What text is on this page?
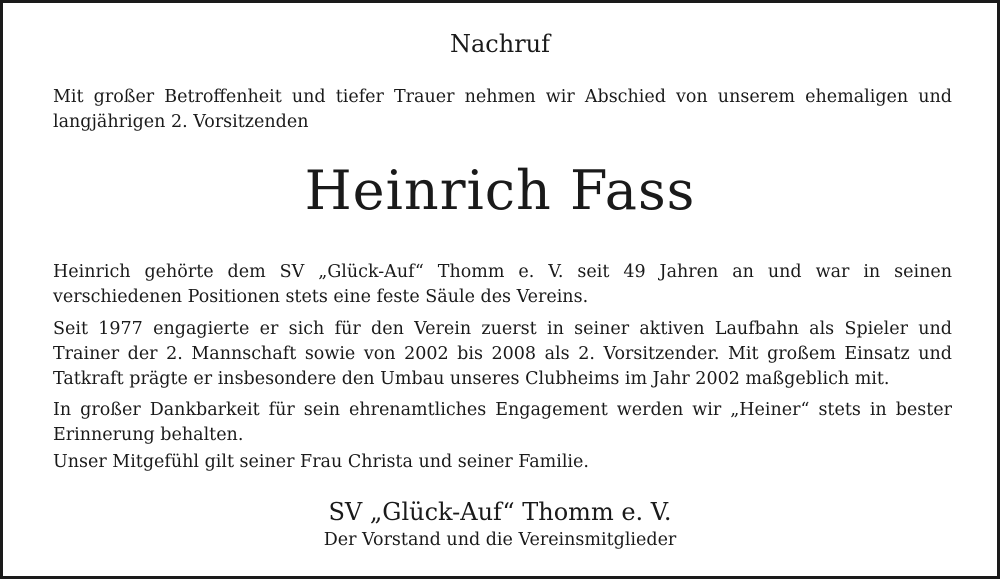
Nachruf

Mit großer Betroffenheit und tiefer Trauer nehmen wir Abschied von unserem ehemaligen und langjährigen 2. Vorsitzenden

Heinrich Fass

Heinrich gehörte dem SV „Glück-Auf“ Thomm e. V. seit 49 Jahren an und war in seinen verschiedenen Positionen stets eine feste Säule des Vereins.

Seit 1977 engagierte er sich für den Verein zuerst in seiner aktiven Laufbahn als Spieler und Trainer der 2. Mannschaft sowie von 2002 bis 2008 als 2. Vorsitzender. Mit großem Einsatz und Tatkraft prägte er insbesondere den Umbau unseres Clubheims im Jahr 2002 maßgeblich mit.

In großer Dankbarkeit für sein ehrenamtliches Engagement werden wir „Heiner“ stets in bester Erinnerung behalten.

Unser Mitgefühl gilt seiner Frau Christa und seiner Familie.

SV „Glück-Auf“ Thomm e. V.
Der Vorstand und die Vereinsmitglieder
